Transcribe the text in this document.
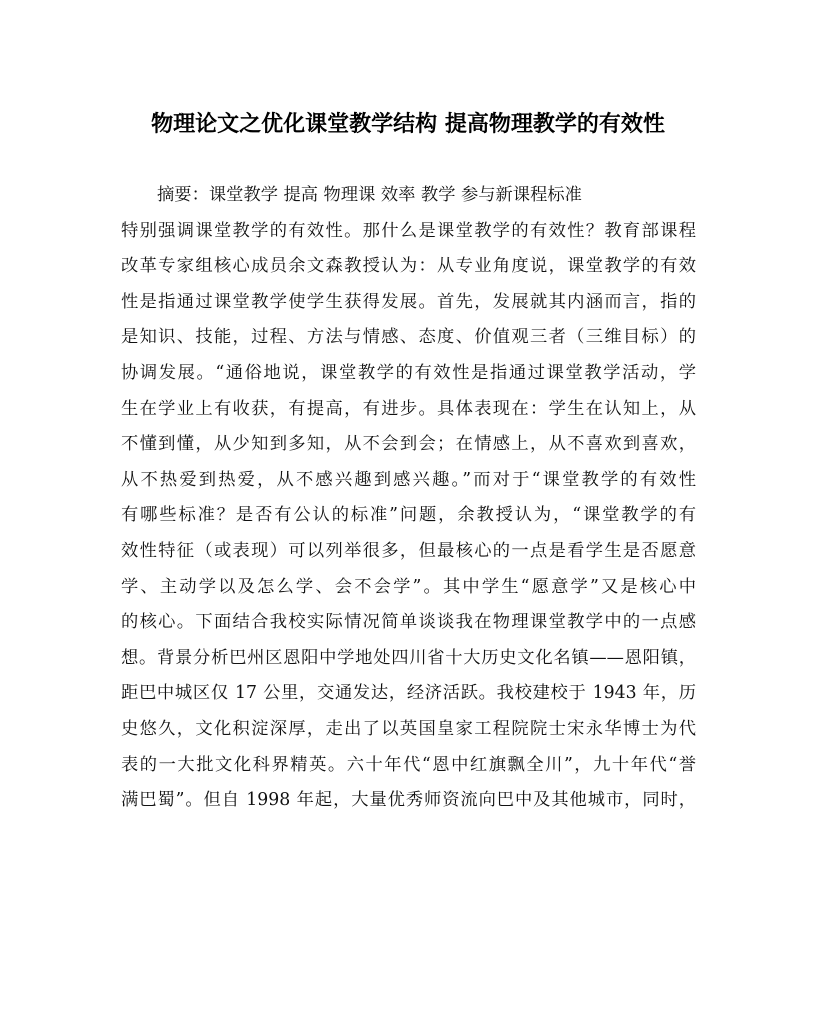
物理论文之优化课堂教学结构 提高物理教学的有效性
摘要：课堂教学 提高 物理课 效率 教学 参与新课程标准
特别强调课堂教学的有效性。那什么是课堂教学的有效性？教育部课程
改革专家组核心成员余文森教授认为：从专业角度说，课堂教学的有效
性是指通过课堂教学使学生获得发展。首先，发展就其内涵而言，指的
是知识、技能，过程、方法与情感、态度、价值观三者（三维目标）的
协调发展。“通俗地说，课堂教学的有效性是指通过课堂教学活动，学
生在学业上有收获，有提高，有进步。具体表现在：学生在认知上，从
不懂到懂，从少知到多知，从不会到会；在情感上，从不喜欢到喜欢，
从不热爱到热爱，从不感兴趣到感兴趣。”而对于“课堂教学的有效性
有哪些标准？是否有公认的标准”问题，余教授认为，“课堂教学的有
效性特征（或表现）可以列举很多，但最核心的一点是看学生是否愿意
学、主动学以及怎么学、会不会学”。其中学生“愿意学”又是核心中
的核心。下面结合我校实际情况简单谈谈我在物理课堂教学中的一点感
想。背景分析巴州区恩阳中学地处四川省十大历史文化名镇——恩阳镇，
距巴中城区仅 17 公里，交通发达，经济活跃。我校建校于 1943 年，历
史悠久，文化积淀深厚，走出了以英国皇家工程院院士宋永华博士为代
表的一大批文化科界精英。六十年代“恩中红旗飘全川”，九十年代“誉
满巴蜀”。但自 1998 年起，大量优秀师资流向巴中及其他城市，同时，
